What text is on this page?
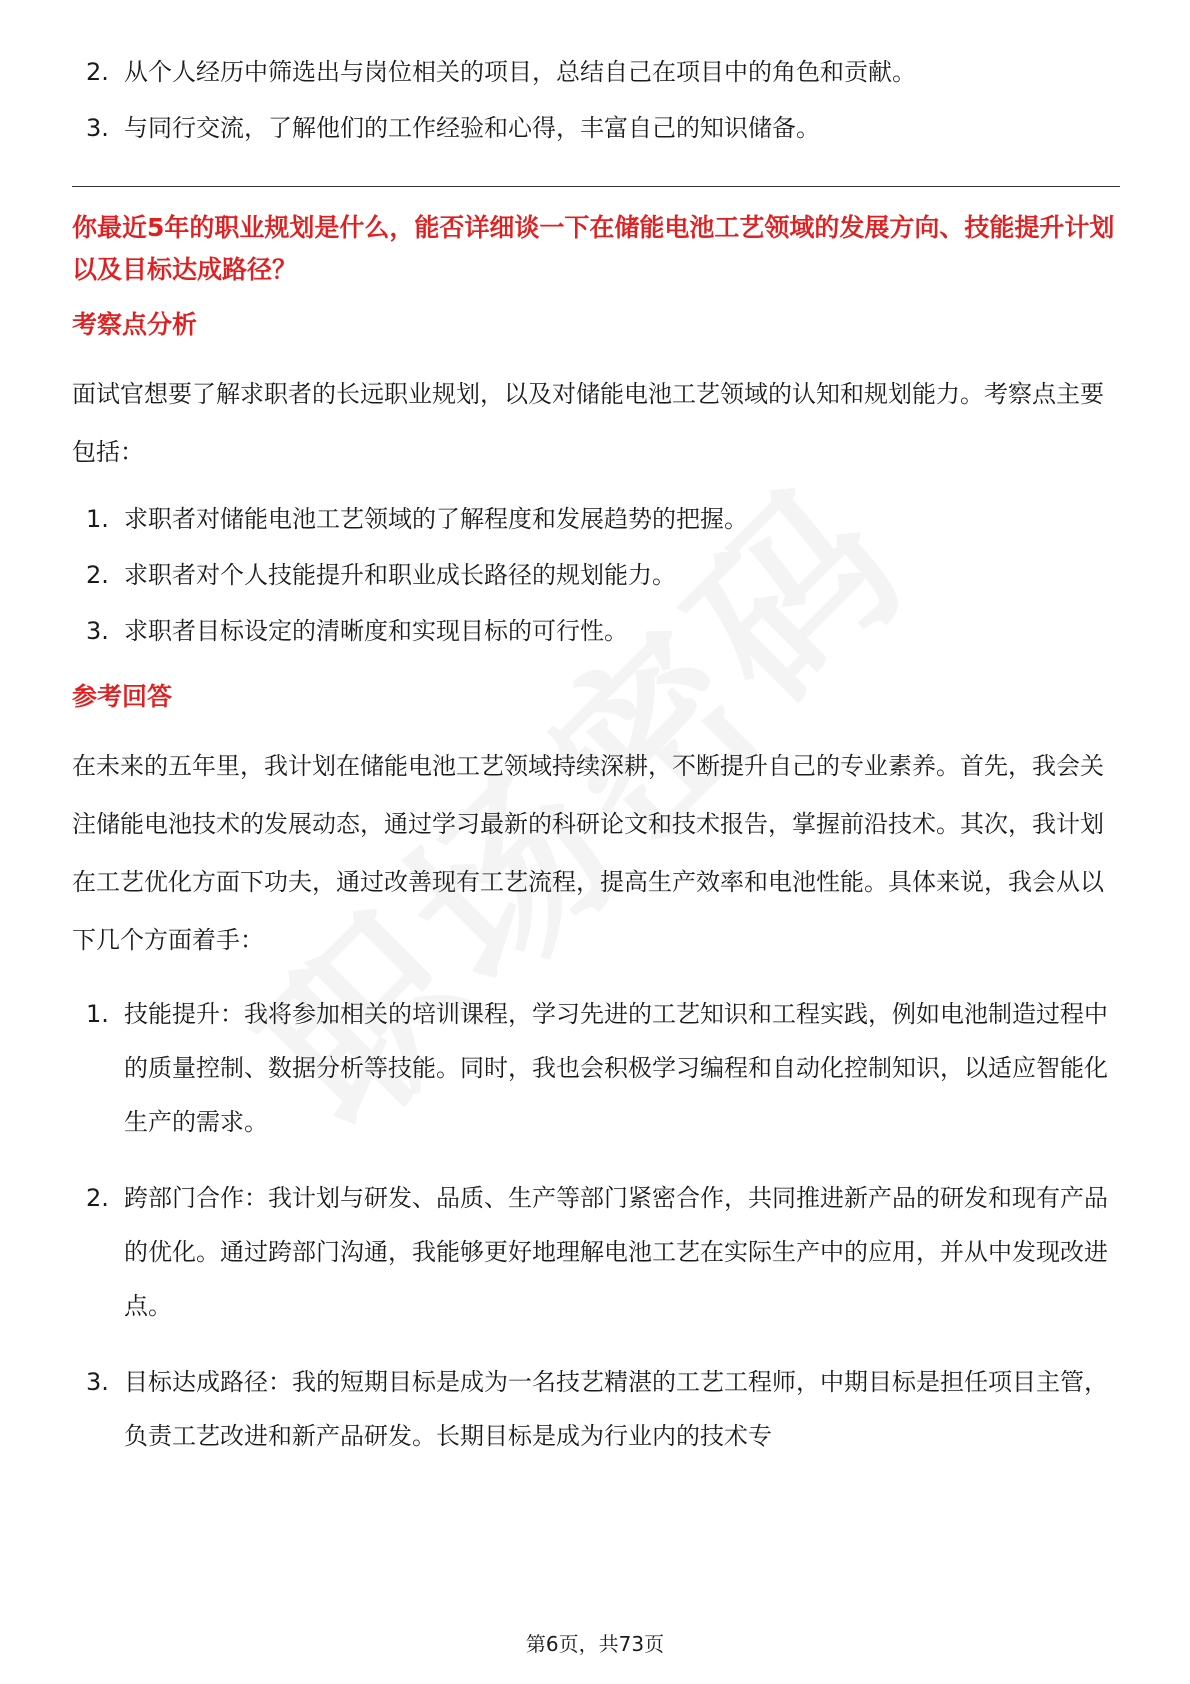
2. 从个人经历中筛选出与岗位相关的项目，总结自己在项目中的角色和贡献。
3. 与同行交流，了解他们的工作经验和心得，丰富自己的知识储备。
你最近5年的职业规划是什么，能否详细谈一下在储能电池工艺领域的发展方向、技能提升计划以及目标达成路径？
考察点分析
面试官想要了解求职者的长远职业规划，以及对储能电池工艺领域的认知和规划能力。考察点主要包括：
1. 求职者对储能电池工艺领域的了解程度和发展趋势的把握。
2. 求职者对个人技能提升和职业成长路径的规划能力。
3. 求职者目标设定的清晰度和实现目标的可行性。
参考回答
在未来的五年里，我计划在储能电池工艺领域持续深耕，不断提升自己的专业素养。首先，我会关注储能电池技术的发展动态，通过学习最新的科研论文和技术报告，掌握前沿技术。其次，我计划在工艺优化方面下功夫，通过改善现有工艺流程，提高生产效率和电池性能。具体来说，我会从以下几个方面着手：
1. 技能提升：我将参加相关的培训课程，学习先进的工艺知识和工程实践，例如电池制造过程中的质量控制、数据分析等技能。同时，我也会积极学习编程和自动化控制知识，以适应智能化生产的需求。
2. 跨部门合作：我计划与研发、品质、生产等部门紧密合作，共同推进新产品的研发和现有产品的优化。通过跨部门沟通，我能够更好地理解电池工艺在实际生产中的应用，并从中发现改进点。
3. 目标达成路径：我的短期目标是成为一名技艺精湛的工艺工程师，中期目标是担任项目主管，负责工艺改进和新产品研发。长期目标是成为行业内的技术专
第6页，共73页
